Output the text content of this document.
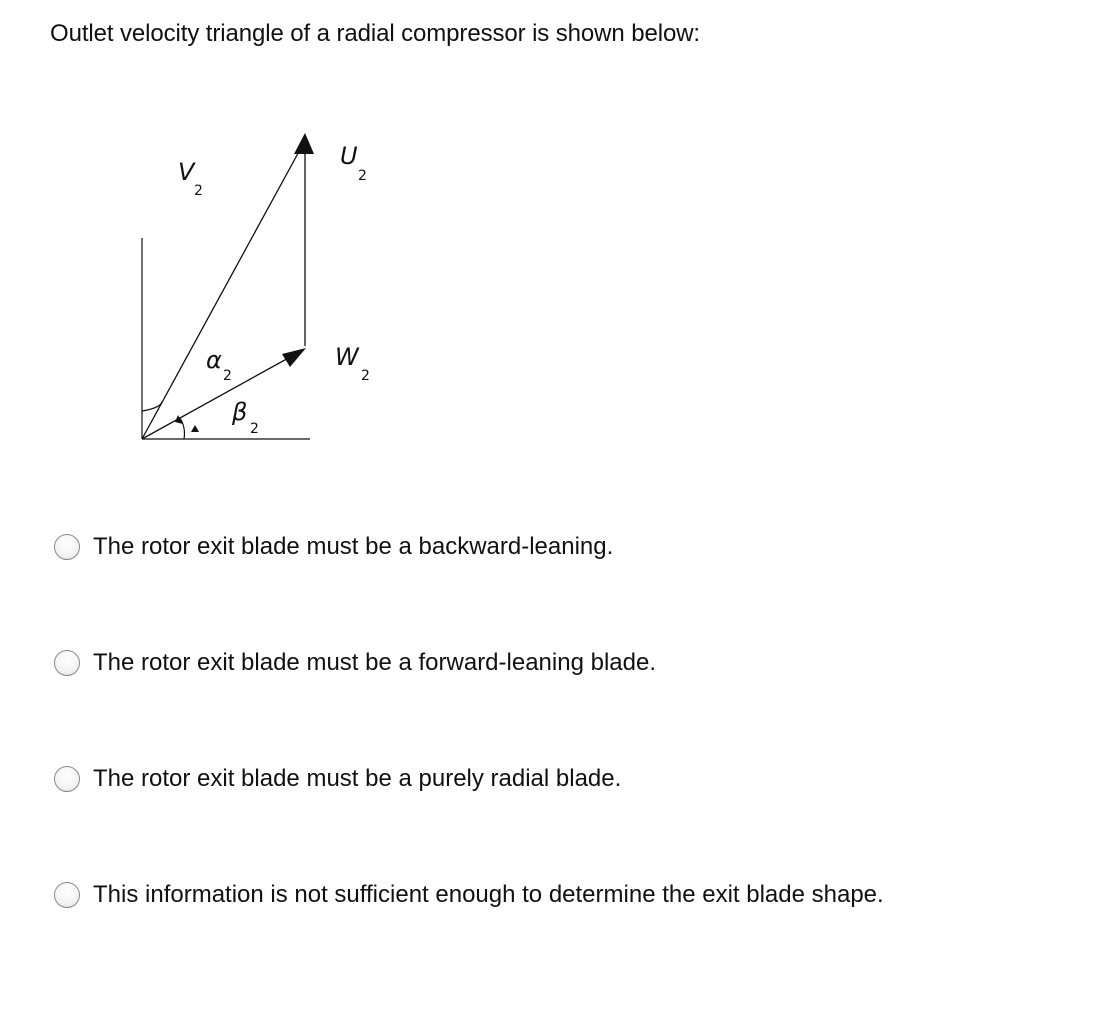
Outlet velocity triangle of a radial compressor is shown below:
V
2
U
2
W
2
α
2
β
2
The rotor exit blade must be a backward-leaning.
The rotor exit blade must be a forward-leaning blade.
The rotor exit blade must be a purely radial blade.
This information is not sufficient enough to determine the exit blade shape.
